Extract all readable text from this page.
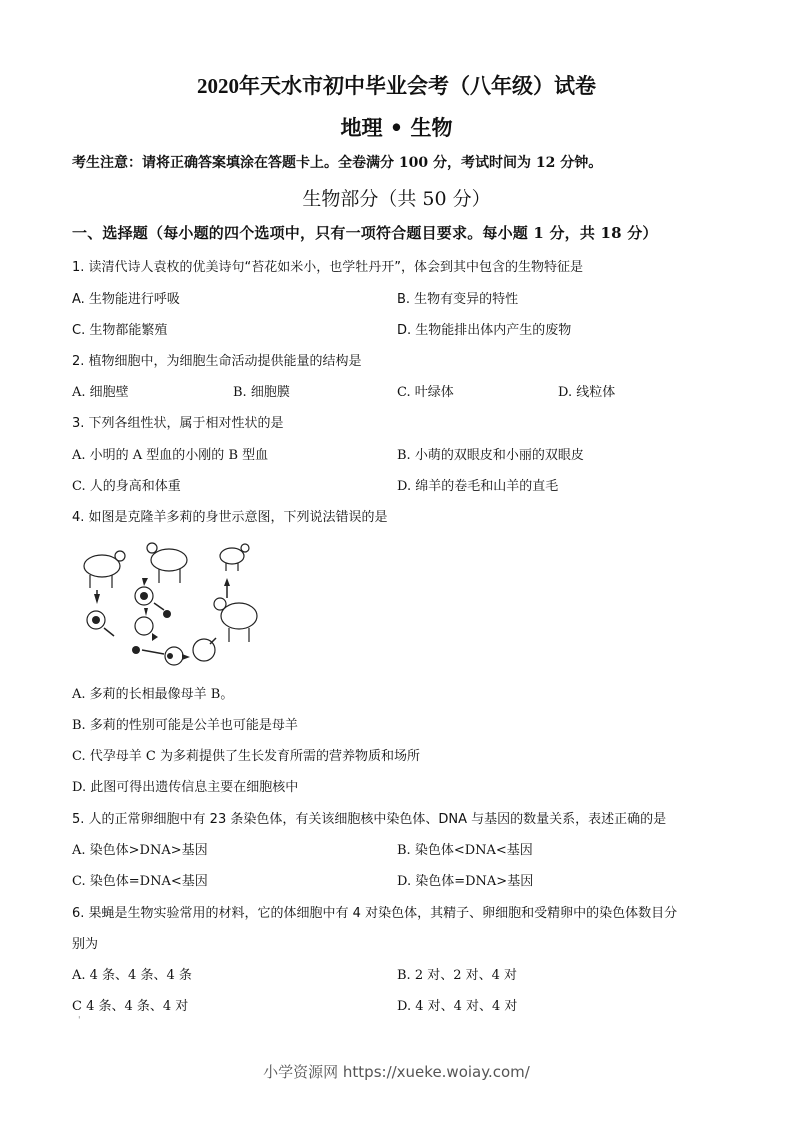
2020年天水市初中毕业会考（八年级）试卷
地理 • 生物
考生注意：请将正确答案填涂在答题卡上。全卷满分 100 分，考试时间为 12 分钟。
生物部分（共 50 分）
一、选择题（每小题的四个选项中，只有一项符合题目要求。每小题 1 分，共 18 分）
1. 读清代诗人袁枚的优美诗句“苔花如米小，也学牡丹开”，体会到其中包含的生物特征是
A. 生物能进行呼吸	B. 生物有变异的特性
C. 生物都能繁殖	D. 生物能排出体内产生的废物
2. 植物细胞中，为细胞生命活动提供能量的结构是
A. 细胞壁	B. 细胞膜	C. 叶绿体	D. 线粒体
3. 下列各组性状，属于相对性状的是
A. 小明的 A 型血的小刚的 B 型血	B. 小萌的双眼皮和小丽的双眼皮
C. 人的身高和体重	D. 绵羊的卷毛和山羊的直毛
4. 如图是克隆羊多莉的身世示意图，下列说法错误的是
A. 多莉的长相最像母羊 B。
B. 多莉的性别可能是公羊也可能是母羊
C. 代孕母羊 C 为多莉提供了生长发育所需的营养物质和场所
D. 此图可得出遗传信息主要在细胞核中
5. 人的正常卵细胞中有 23 条染色体，有关该细胞核中染色体、DNA 与基因的数量关系，表述正确的是
A. 染色体>DNA>基因	B. 染色体<DNA<基因
C. 染色体=DNA<基因	D. 染色体=DNA>基因
6. 果蝇是生物实验常用的材料，它的体细胞中有 4 对染色体，其精子、卵细胞和受精卵中的染色体数目分
别为
A. 4 条、4 条、4 条	B. 2 对、2 对、4 对
C 4 条、4 条、4 对	D. 4 对、4 对、4 对
'
小学资源网 https://xueke.woiay.com/
